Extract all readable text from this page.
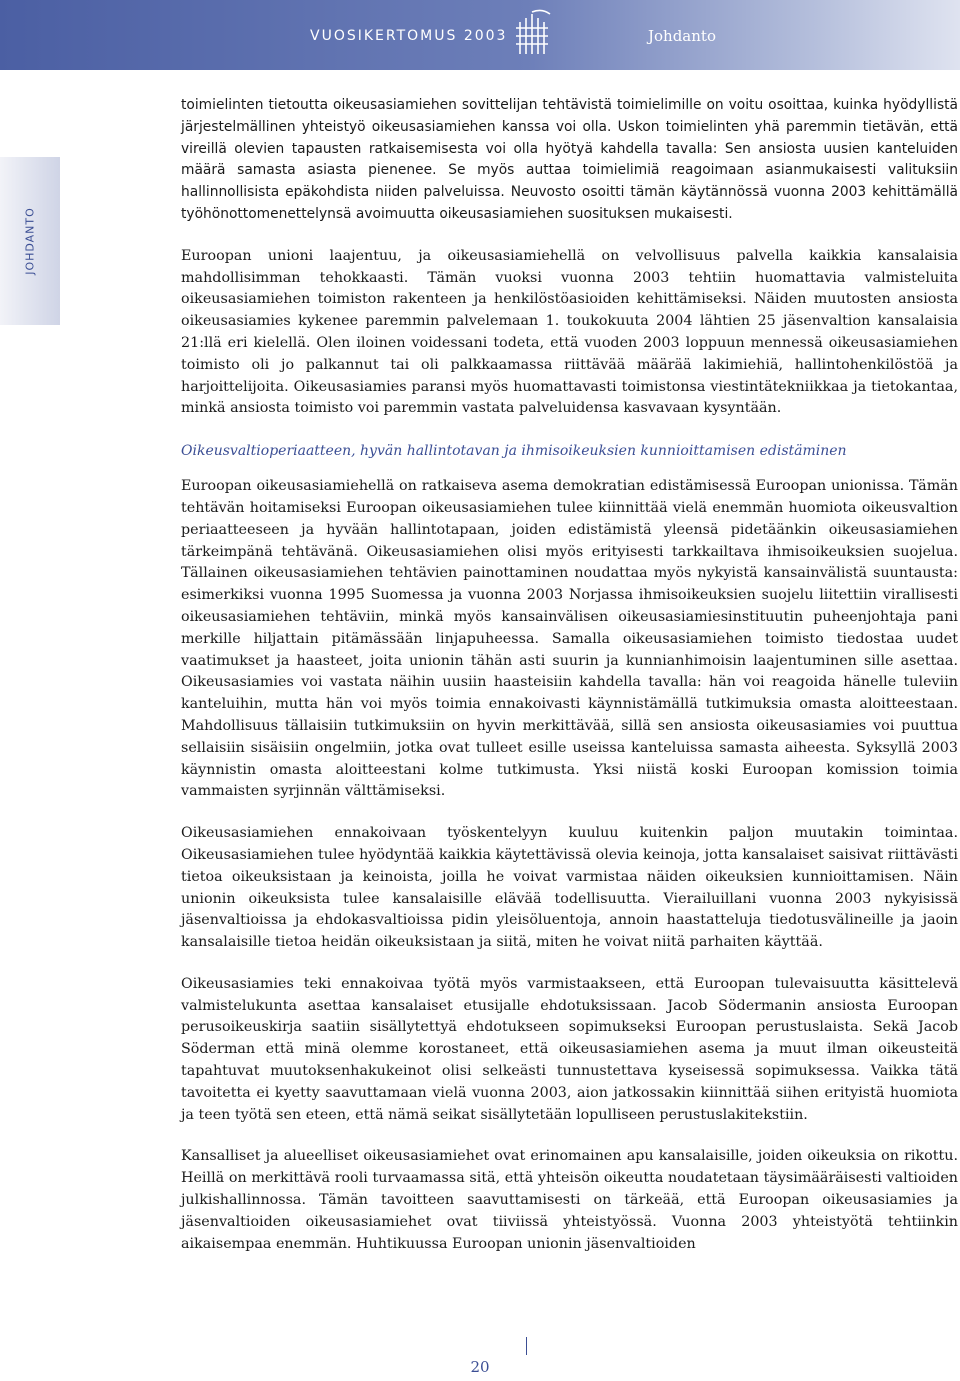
VUOSIKERTOMUS 2003	Johdanto
JOHDANTO

toimielinten tietoutta oikeusasiamiehen sovittelijan tehtävistä toimielimille on voitu osoittaa, kuinka hyödyllistä järjestelmällinen yhteistyö oikeusasiamiehen kanssa voi olla. Uskon toimielinten yhä paremmin tietävän, että vireillä olevien tapausten ratkaisemisesta voi olla hyötyä kahdella tavalla: Sen ansiosta uusien kanteluiden määrä samasta asiasta pienenee. Se myös auttaa toimielimiä reagoimaan asianmukaisesti valituksiin hallinnollisista epäkohdista niiden palveluissa. Neuvosto osoitti tämän käytännössä vuonna 2003 kehittämällä työhönottomenettelynsä avoimuutta oikeusasiamiehen suosituksen mukaisesti.

Euroopan unioni laajentuu, ja oikeusasiamiehellä on velvollisuus palvella kaikkia kansalaisia mahdollisimman tehokkaasti. Tämän vuoksi vuonna 2003 tehtiin huomattavia valmisteluita oikeusasiamiehen toimiston rakenteen ja henkilöstöasioiden kehittämiseksi. Näiden muutosten ansiosta oikeusasiamies kykenee paremmin palvelemaan 1. toukokuuta 2004 lähtien 25 jäsenvaltion kansalaisia 21:llä eri kielellä. Olen iloinen voidessani todeta, että vuoden 2003 loppuun mennessä oikeusasiamiehen toimisto oli jo palkannut tai oli palkkaamassa riittävää määrää lakimiehiä, hallintohenkilöstöä ja harjoittelijoita. Oikeusasiamies paransi myös huomattavasti toimistonsa viestintätekniikkaa ja tietokantaa, minkä ansiosta toimisto voi paremmin vastata palveluidensa kasvavaan kysyntään.

Oikeusvaltioperiaatteen, hyvän hallintotavan ja ihmisoikeuksien kunnioittamisen edistäminen

Euroopan oikeusasiamiehellä on ratkaiseva asema demokratian edistämisessä Euroopan unionissa. Tämän tehtävän hoitamiseksi Euroopan oikeusasiamiehen tulee kiinnittää vielä enemmän huomiota oikeusvaltion periaatteeseen ja hyvään hallintotapaan, joiden edistämistä yleensä pidetäänkin oikeusasiamiehen tärkeimpänä tehtävänä. Oikeusasiamiehen olisi myös erityisesti tarkkailtava ihmisoikeuksien suojelua. Tällainen oikeusasiamiehen tehtävien painottaminen noudattaa myös nykyistä kansainvälistä suuntausta: esimerkiksi vuonna 1995 Suomessa ja vuonna 2003 Norjassa ihmisoikeuksien suojelu liitettiin virallisesti oikeusasiamiehen tehtäviin, minkä myös kansainvälisen oikeusasiamiesinstituutin puheenjohtaja pani merkille hiljattain pitämässään linjapuheessa. Samalla oikeusasiamiehen toimisto tiedostaa uudet vaatimukset ja haasteet, joita unionin tähän asti suurin ja kunnianhimoisin laajentuminen sille asettaa. Oikeusasiamies voi vastata näihin uusiin haasteisiin kahdella tavalla: hän voi reagoida hänelle tuleviin kanteluihin, mutta hän voi myös toimia ennakoivasti käynnistämällä tutkimuksia omasta aloitteestaan. Mahdollisuus tällaisiin tutkimuksiin on hyvin merkittävää, sillä sen ansiosta oikeusasiamies voi puuttua sellaisiin sisäisiin ongelmiin, jotka ovat tulleet esille useissa kanteluissa samasta aiheesta. Syksyllä 2003 käynnistin omasta aloitteestani kolme tutkimusta. Yksi niistä koski Euroopan komission toimia vammaisten syrjinnän välttämiseksi.

Oikeusasiamiehen ennakoivaan työskentelyyn kuuluu kuitenkin paljon muutakin toimintaa. Oikeusasiamiehen tulee hyödyntää kaikkia käytettävissä olevia keinoja, jotta kansalaiset saisivat riittävästi tietoa oikeuksistaan ja keinoista, joilla he voivat varmistaa näiden oikeuksien kunnioittamisen. Näin unionin oikeuksista tulee kansalaisille elävää todellisuutta. Vierailuillani vuonna 2003 nykyisissä jäsenvaltioissa ja ehdokasvaltioissa pidin yleisöluentoja, annoin haastatteluja tiedotusvälineille ja jaoin kansalaisille tietoa heidän oikeuksistaan ja siitä, miten he voivat niitä parhaiten käyttää.

Oikeusasiamies teki ennakoivaa työtä myös varmistaakseen, että Euroopan tulevaisuutta käsittelevä valmistelukunta asettaa kansalaiset etusijalle ehdotuksissaan. Jacob Södermanin ansiosta Euroopan perusoikeuskirja saatiin sisällytettyä ehdotukseen sopimukseksi Euroopan perustuslaista. Sekä Jacob Söderman että minä olemme korostaneet, että oikeusasiamiehen asema ja muut ilman oikeusteitä tapahtuvat muutoksenhakukeinot olisi selkeästi tunnustettava kyseisessä sopimuksessa. Vaikka tätä tavoitetta ei kyetty saavuttamaan vielä vuonna 2003, aion jatkossakin kiinnittää siihen erityistä huomiota ja teen työtä sen eteen, että nämä seikat sisällytetään lopulliseen perustuslakitekstiin.

Kansalliset ja alueelliset oikeusasiamiehet ovat erinomainen apu kansalaisille, joiden oikeuksia on rikottu. Heillä on merkittävä rooli turvaamassa sitä, että yhteisön oikeutta noudatetaan täysimääräisesti valtioiden julkishallinnossa. Tämän tavoitteen saavuttamisesti on tärkeää, että Euroopan oikeusasiamies ja jäsenvaltioiden oikeusasiamiehet ovat tiiviissä yhteistyössä. Vuonna 2003 yhteistyötä tehtiinkin aikaisempaa enemmän. Huhtikuussa Euroopan unionin jäsenvaltioiden

20
